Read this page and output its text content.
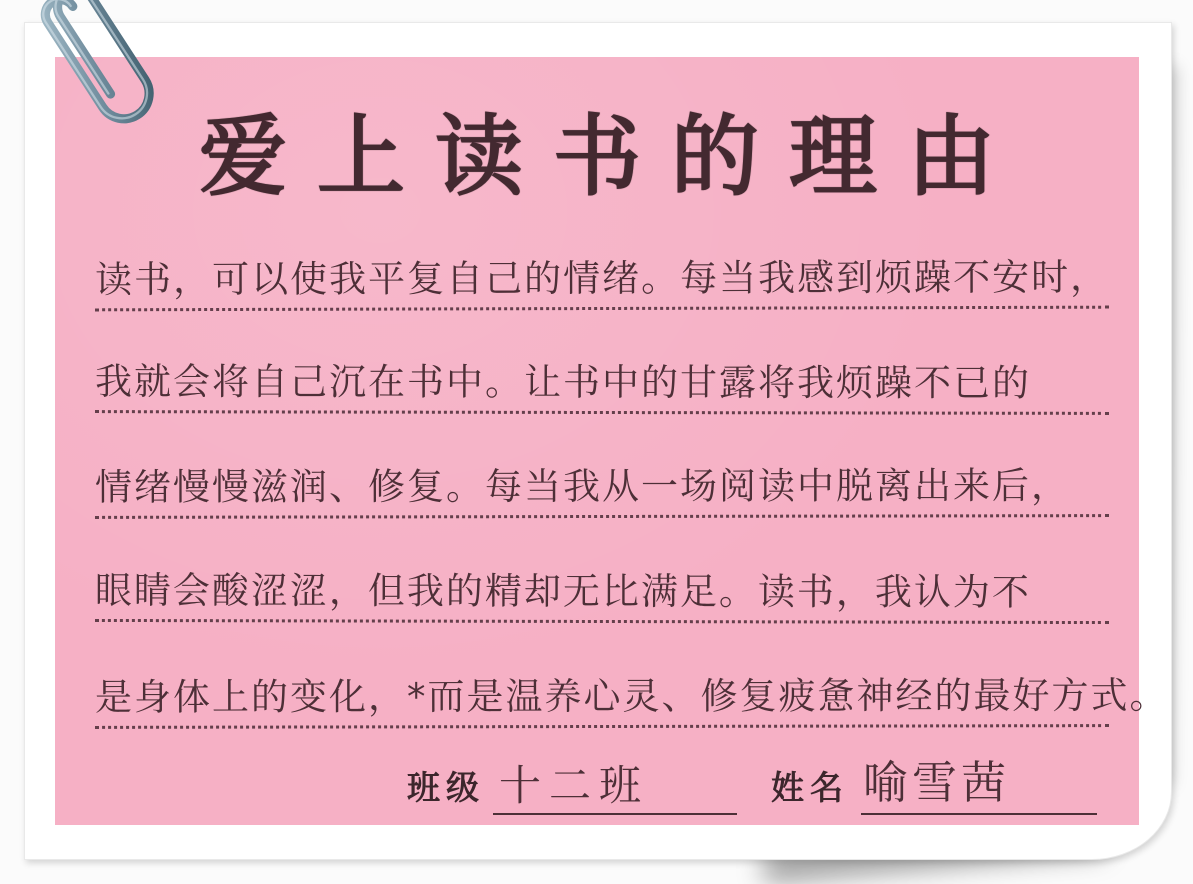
爱上读书的理由
读书，可以使我平复自己的情绪。每当我感到烦躁不安时，
我就会将自己沉在书中。让书中的甘露将我烦躁不已的
情绪慢慢滋润、修复。每当我从一场阅读中脱离出来后，
眼睛会酸涩涩，但我的精却无比满足。读书，我认为不
是身体上的变化，*而是温养心灵、修复疲惫神经的最好方式。
班级 十二班	姓名 喻雪茜
